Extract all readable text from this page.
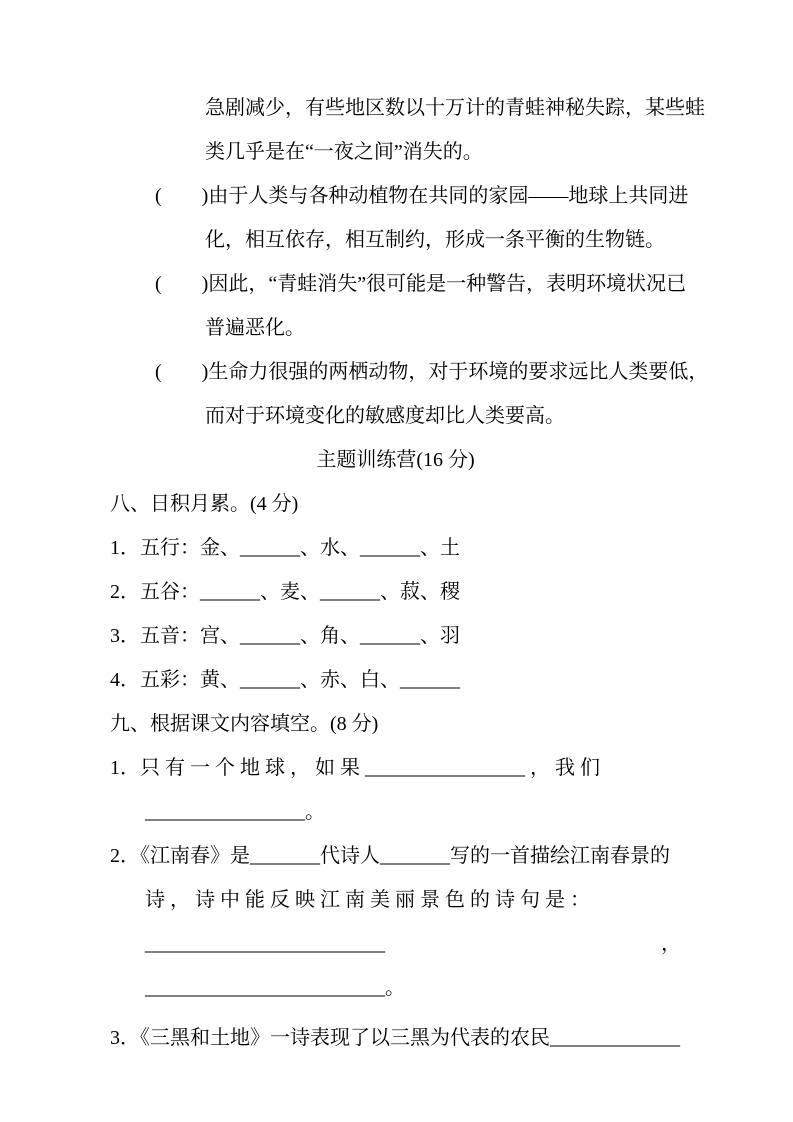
急剧减少，有些地区数以十万计的青蛙神秘失踪，某些蛙
类几乎是在“一夜之间”消失的。
(　　)由于人类与各种动植物在共同的家园——地球上共同进
化，相互依存，相互制约，形成一条平衡的生物链。
(　　)因此，“青蛙消失”很可能是一种警告，表明环境状况已
普遍恶化。
(　　)生命力很强的两栖动物，对于环境的要求远比人类要低，
而对于环境变化的敏感度却比人类要高。
主题训练营(16 分)
八、日积月累。(4 分)
1．五行：金、______、水、______、土
2．五谷：______、麦、______、菽、稷
3．五音：宫、______、角、______、羽
4．五彩：黄、______、赤、白、______
九、根据课文内容填空。(8 分)
1．只 有 一 个 地 球 ， 如 果 ________________ ， 我 们
________________。
2．《江南春》是_______代诗人_______写的一首描绘江南春景的
诗 ， 诗 中 能 反 映 江 南 美 丽 景 色 的 诗 句 是 ：
________________________	，
________________________。
3．《三黑和土地》一诗表现了以三黑为代表的农民_____________
